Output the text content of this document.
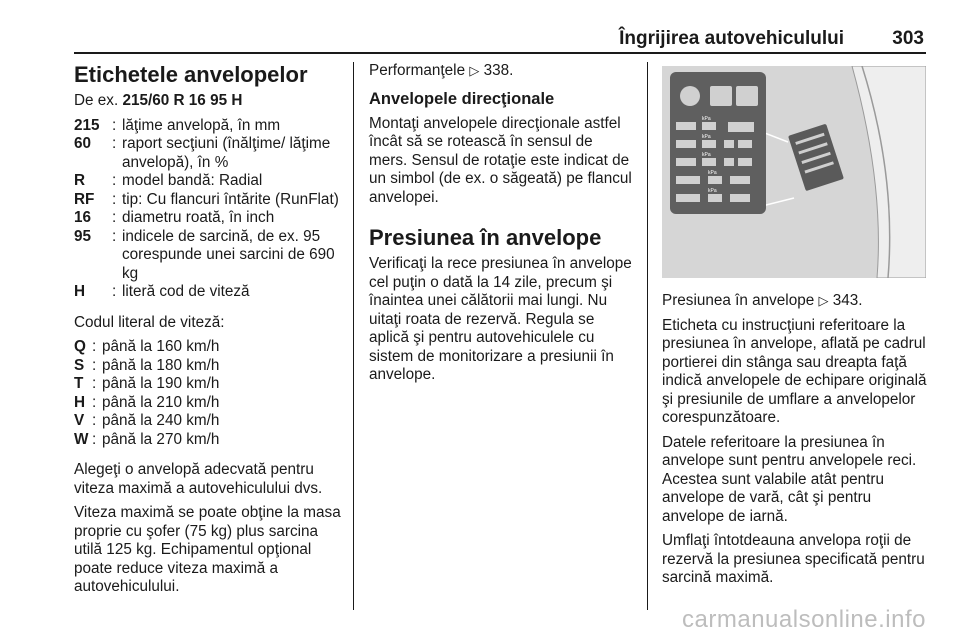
Îngrijirea autovehiculului	303
Etichetele anvelopelor

De ex. 215/60 R 16 95 H

215 : lăţime anvelopă, în mm
60	: raport secţiuni (înălţime/ lăţime anvelopă), în %
R	: model bandă: Radial
RF	: tip: Cu flancuri întărite (RunFlat)
16	: diametru roată, în inch
95	: indicele de sarcină, de ex. 95 corespunde unei sarcini de 690 kg
H	: literă cod de viteză

Codul literal de viteză:

Q : până la 160 km/h
S : până la 180 km/h
T : până la 190 km/h
H : până la 210 km/h
V : până la 240 km/h
W : până la 270 km/h

Alegeţi o anvelopă adecvată pentru viteza maximă a autovehiculului dvs.

Viteza maximă se poate obţine la masa proprie cu şofer (75 kg) plus sarcina utilă 125 kg. Echipamentul opţional poate reduce viteza maximă a autovehiculului.

Performanţele ▷ 338.

Anvelopele direcţionale

Montaţi anvelopele direcţionale astfel încât să se rotească în sensul de mers. Sensul de rotaţie este indicat de un simbol (de ex. o săgeată) pe flancul anvelopei.

Presiunea în anvelope

Verificaţi la rece presiunea în anvelope cel puţin o dată la 14 zile, precum şi înaintea unei călătorii mai lungi. Nu uitaţi roata de rezervă. Regula se aplică şi pentru autovehiculele cu sistem de monitorizare a presiunii în anvelope.

kPa
kPa
kPa
kPa
kPa

Presiunea în anvelope ▷ 343.

Eticheta cu instrucţiuni referitoare la presiunea în anvelope, aflată pe cadrul portierei din stânga sau dreapta faţă indică anvelopele de echipare originală şi presiunile de umflare a anvelopelor corespunzătoare.

Datele referitoare la presiunea în anvelope sunt pentru anvelopele reci. Acestea sunt valabile atât pentru anvelope de vară, cât şi pentru anvelope de iarnă.

Umflaţi întotdeauna anvelopa roţii de rezervă la presiunea specificată pentru sarcină maximă.

carmanualsonline.info
